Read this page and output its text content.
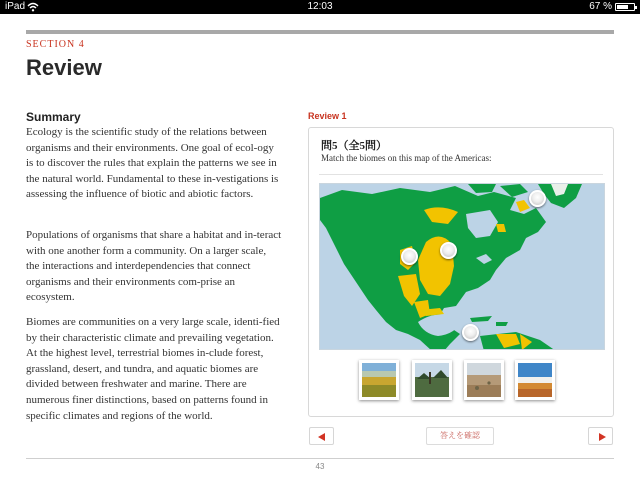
iPad	12:03	67 %
SECTION 4
Review
Summary

Ecology is the scientific study of the relations between organisms and their environments. One goal of ecol-ogy is to discover the rules that explain the patterns we see in the natural world. Fundamental to these in-vestigations is assessing the influence of biotic and abiotic factors.

Populations of organisms that share a habitat and in-teract with one another form a community. On a larger scale, the interactions and interdependencies that connect organisms and their environments com-prise an ecosystem.

Biomes are communities on a very large scale, identi-fied by their characteristic climate and prevailing vegetation. At the highest level, terrestrial biomes in-clude forest, grassland, desert, and tundra, and aquatic biomes are divided between freshwater and marine. There are numerous finer distinctions, based on patterns found in specific climates and regions of the world.

Review 1
問5（全5問）
Match the biomes on this map of the Americas:
答えを確認
43
